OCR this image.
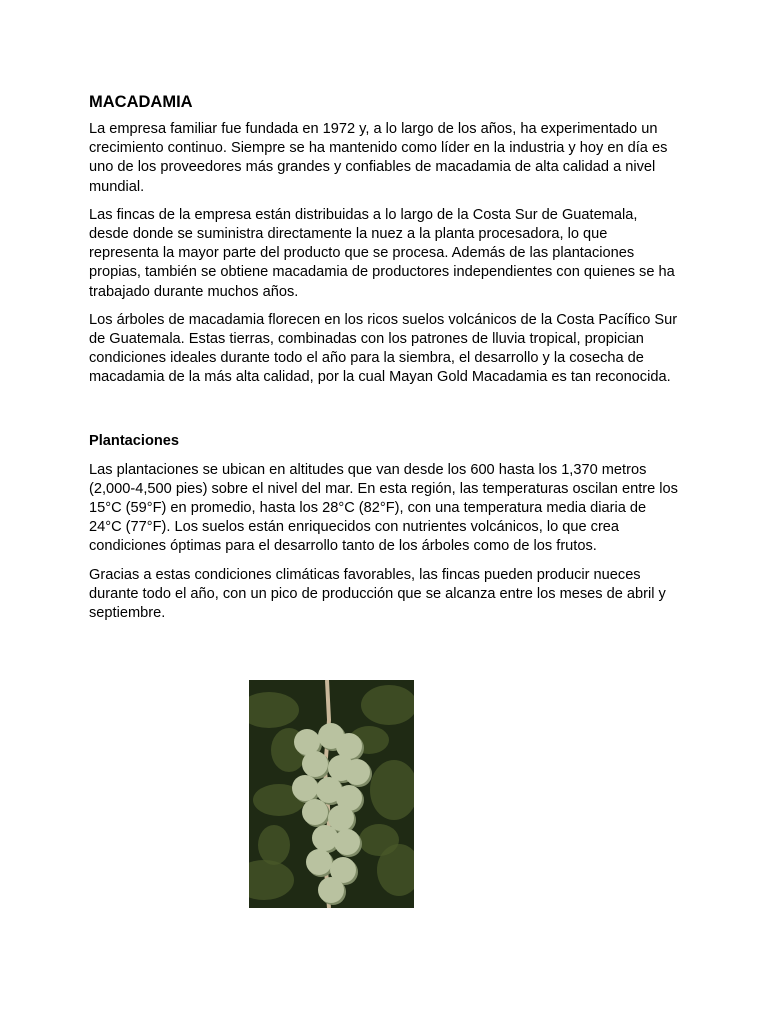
MACADAMIA

La empresa familiar fue fundada en 1972 y, a lo largo de los años, ha experimentado un crecimiento continuo. Siempre se ha mantenido como líder en la industria y hoy en día es uno de los proveedores más grandes y confiables de macadamia de alta calidad a nivel mundial.

Las fincas de la empresa están distribuidas a lo largo de la Costa Sur de Guatemala, desde donde se suministra directamente la nuez a la planta procesadora, lo que representa la mayor parte del producto que se procesa. Además de las plantaciones propias, también se obtiene macadamia de productores independientes con quienes se ha trabajado durante muchos años.

Los árboles de macadamia florecen en los ricos suelos volcánicos de la Costa Pacífico Sur de Guatemala. Estas tierras, combinadas con los patrones de lluvia tropical, propician condiciones ideales durante todo el año para la siembra, el desarrollo y la cosecha de macadamia de la más alta calidad, por la cual Mayan Gold Macadamia es tan reconocida.

Plantaciones

Las plantaciones se ubican en altitudes que van desde los 600 hasta los 1,370 metros (2,000-4,500 pies) sobre el nivel del mar. En esta región, las temperaturas oscilan entre los 15°C (59°F) en promedio, hasta los 28°C (82°F), con una temperatura media diaria de 24°C (77°F). Los suelos están enriquecidos con nutrientes volcánicos, lo que crea condiciones óptimas para el desarrollo tanto de los árboles como de los frutos.

Gracias a estas condiciones climáticas favorables, las fincas pueden producir nueces durante todo el año, con un pico de producción que se alcanza entre los meses de abril y septiembre.
